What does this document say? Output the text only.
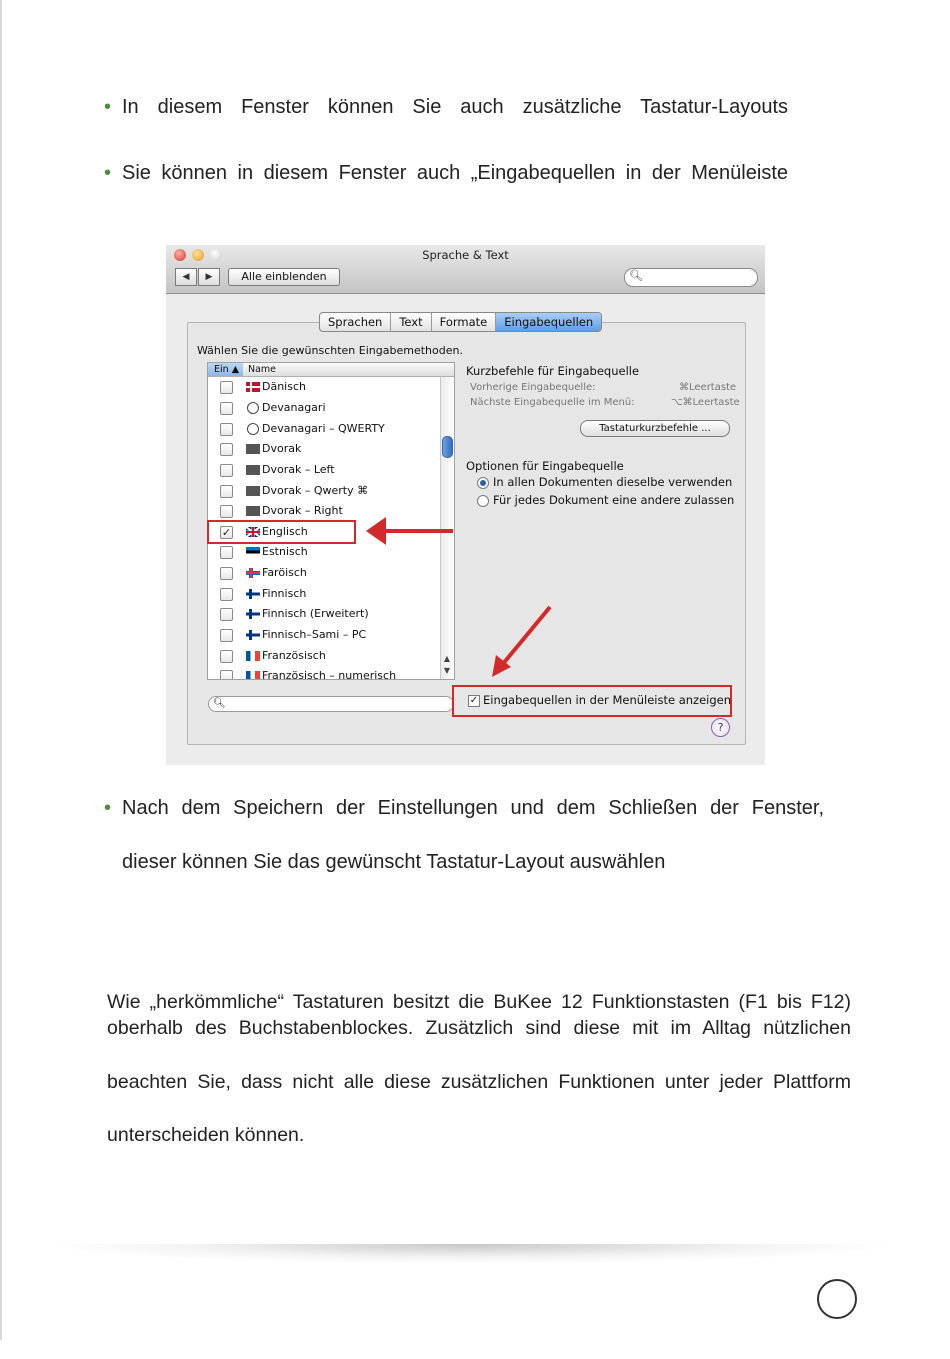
• In diesem Fenster können Sie auch zusätzliche Tastatur-Layouts
• Sie können in diesem Fenster auch „Eingabequellen in der Menüleiste
Sprache & Text
◀	▶	Alle einblenden	🔍︎
Sprachen	Text	Formate	Eingabequellen
Wählen Sie die gewünschten Eingabemethoden.
Ein ▲ Name
Dänisch
Devanagari
Devanagari – QWERTY
Dvorak
Dvorak – Left
Dvorak – Qwerty ⌘
Dvorak – Right
✓	Englisch
Estnisch
Faröisch
Finnisch
Finnisch (Erweitert)
Finnisch–Sami – PC
Französisch
Französisch – numerisch
▲
▼
Kurzbefehle für Eingabequelle
Vorherige Eingabequelle:	⌘Leertaste
Nächste Eingabequelle im Menü:	⌥⌘Leertaste
Tastaturkurzbefehle ...
Optionen für Eingabequelle
In allen Dokumenten dieselbe verwenden
Für jedes Dokument eine andere zulassen
🔍︎	✓ Eingabequellen in der Menüleiste anzeigen
?
• Nach dem Speichern der Einstellungen und dem Schließen der Fenster,
dieser können Sie das gewünscht Tastatur-Layout auswählen
Wie „herkömmliche“ Tastaturen besitzt die BuKee 12 Funktionstasten (F1 bis F12)
oberhalb des Buchstabenblockes. Zusätzlich sind diese mit im Alltag nützlichen
beachten Sie, dass nicht alle diese zusätzlichen Funktionen unter jeder Plattform
unterscheiden können.
